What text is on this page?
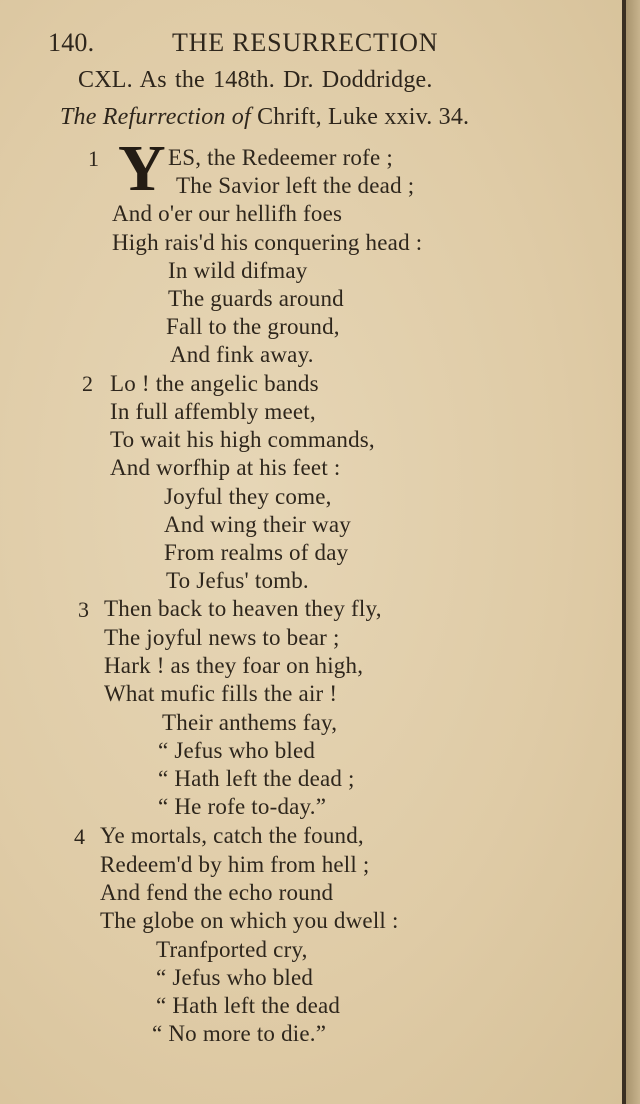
140.	THE RESURRECTION
CXL. As the 148th. Dr. Doddridge.
The Refurrection of Chrift, Luke xxiv. 34.
1 Y ES, the Redeemer rofe ;
The Savior left the dead ;
And o'er our hellifh foes
High rais'd his conquering head :
In wild difmay
The guards around
Fall to the ground,
And fink away.
2 Lo ! the angelic bands
In full affembly meet,
To wait his high commands,
And worfhip at his feet :
Joyful they come,
And wing their way
From realms of day
To Jefus' tomb.
3 Then back to heaven they fly,
The joyful news to bear ;
Hark ! as they foar on high,
What mufic fills the air !
Their anthems fay,
“ Jefus who bled
“ Hath left the dead ;
“ He rofe to-day.”
4 Ye mortals, catch the found,
Redeem'd by him from hell ;
And fend the echo round
The globe on which you dwell :
Tranfported cry,
“ Jefus who bled
“ Hath left the dead
“ No more to die.”
